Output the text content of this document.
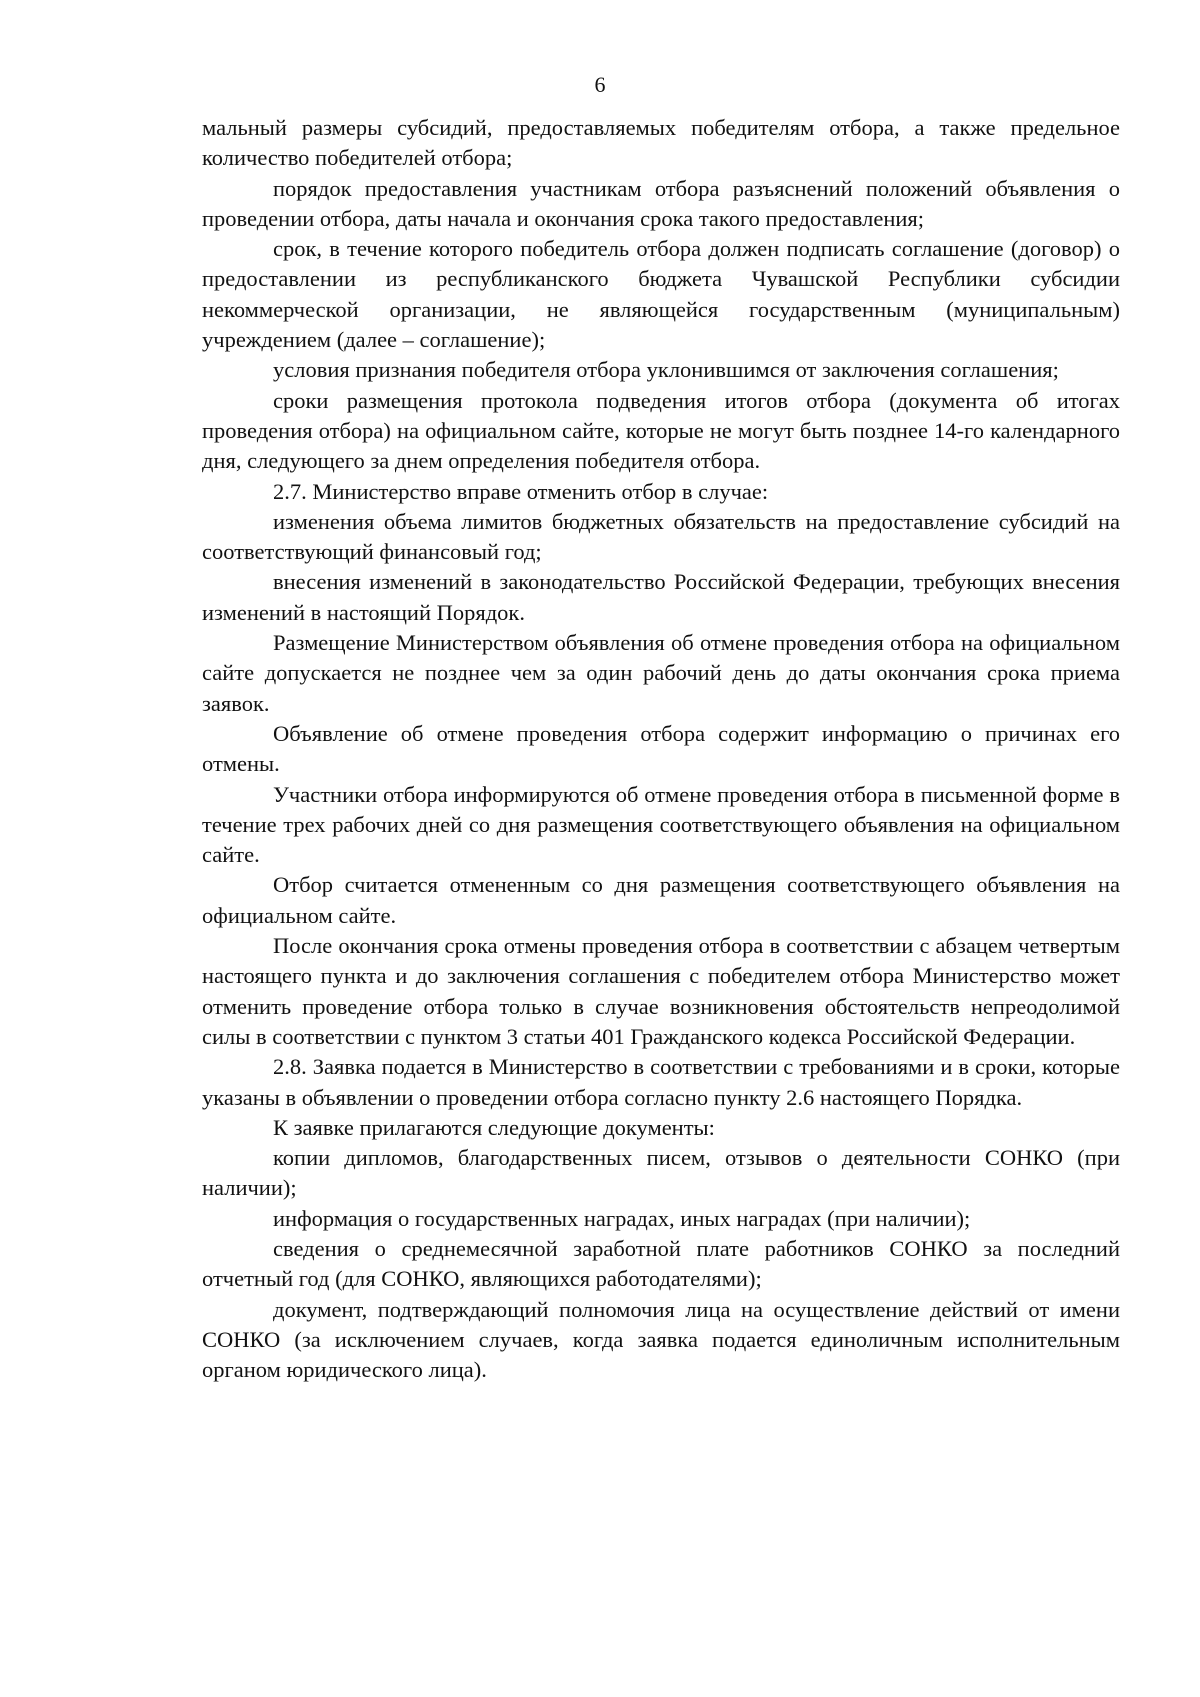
6

мальный размеры субсидий, предоставляемых победителям отбора, а также предельное количество победителей отбора;

порядок предоставления участникам отбора разъяснений положений объявления о проведении отбора, даты начала и окончания срока такого предоставления;

срок, в течение которого победитель отбора должен подписать соглашение (договор) о предоставлении из республиканского бюджета Чувашской Республики субсидии некоммерческой организации, не являющейся государственным (муниципальным) учреждением (далее – соглашение);

условия признания победителя отбора уклонившимся от заключения соглашения;

сроки размещения протокола подведения итогов отбора (документа об итогах проведения отбора) на официальном сайте, которые не могут быть позднее 14-го календарного дня, следующего за днем определения победителя отбора.

2.7. Министерство вправе отменить отбор в случае:

изменения объема лимитов бюджетных обязательств на предоставление субсидий на соответствующий финансовый год;

внесения изменений в законодательство Российской Федерации, требующих внесения изменений в настоящий Порядок.

Размещение Министерством объявления об отмене проведения отбора на официальном сайте допускается не позднее чем за один рабочий день до даты окончания срока приема заявок.

Объявление об отмене проведения отбора содержит информацию о причинах его отмены.

Участники отбора информируются об отмене проведения отбора в письменной форме в течение трех рабочих дней со дня размещения соответствующего объявления на официальном сайте.

Отбор считается отмененным со дня размещения соответствующего объявления на официальном сайте.

После окончания срока отмены проведения отбора в соответствии с абзацем четвертым настоящего пункта и до заключения соглашения с победителем отбора Министерство может отменить проведение отбора только в случае возникновения обстоятельств непреодолимой силы в соответствии с пунктом 3 статьи 401 Гражданского кодекса Российской Федерации.

2.8. Заявка подается в Министерство в соответствии с требованиями и в сроки, которые указаны в объявлении о проведении отбора согласно пункту 2.6 настоящего Порядка.

К заявке прилагаются следующие документы:

копии дипломов, благодарственных писем, отзывов о деятельности СОНКО (при наличии);

информация о государственных наградах, иных наградах (при наличии);

сведения о среднемесячной заработной плате работников СОНКО за последний отчетный год (для СОНКО, являющихся работодателями);

документ, подтверждающий полномочия лица на осуществление действий от имени СОНКО (за исключением случаев, когда заявка подается единоличным исполнительным органом юридического лица).
